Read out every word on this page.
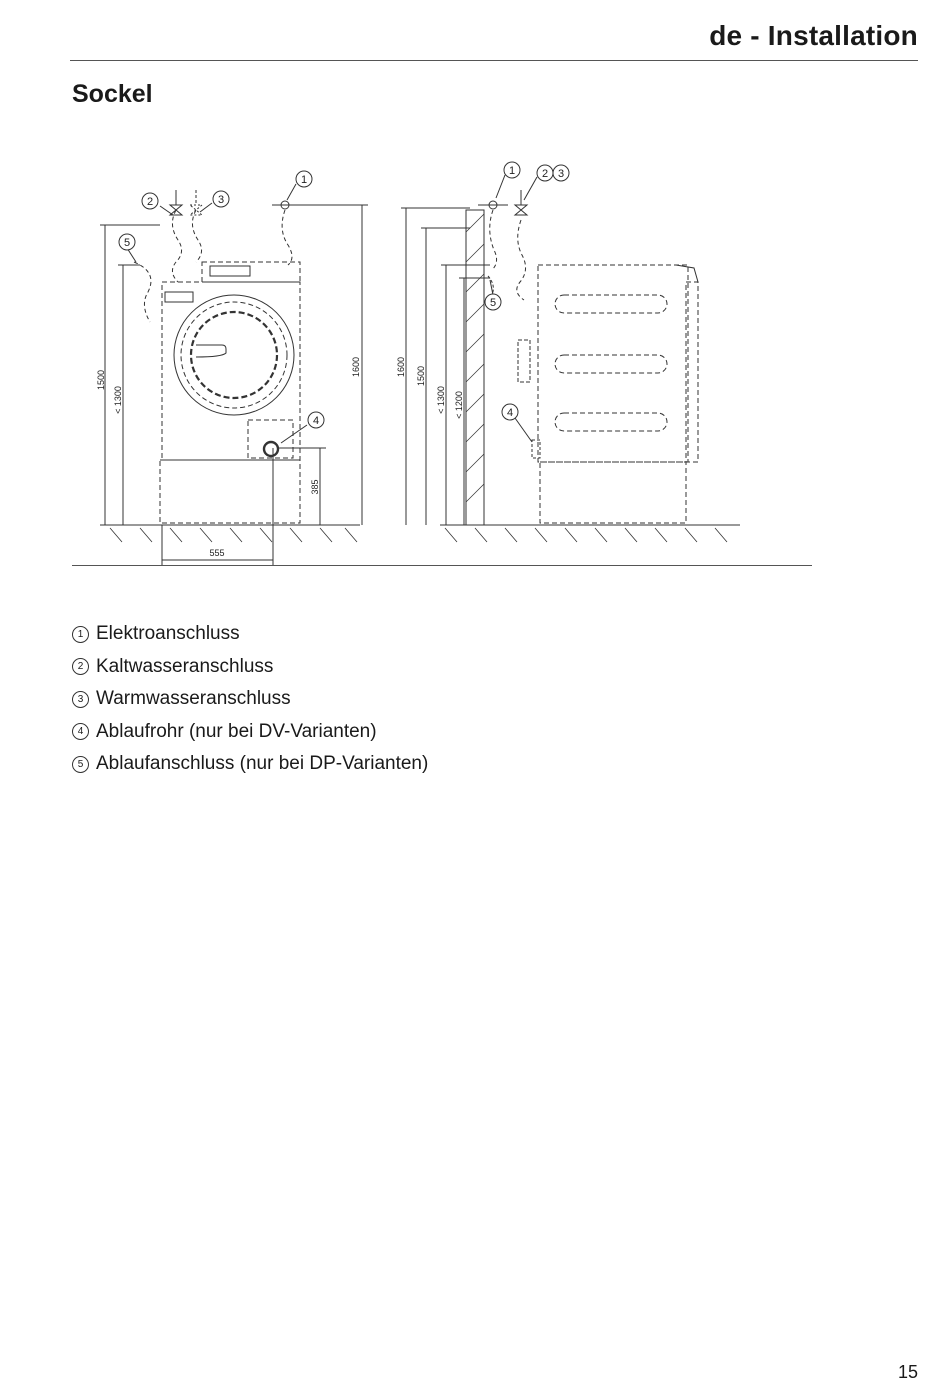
de - Installation
Sockel
2	3
1
5
4
1 2 3
5
4
1500
< 1300
1600
385
555
1600 1500
< 1300 < 1200
1 Elektroanschluss
2 Kaltwasseranschluss
3 Warmwasseranschluss
4 Ablaufrohr (nur bei DV-Varianten)
5 Ablaufanschluss (nur bei DP-Varianten)
15
